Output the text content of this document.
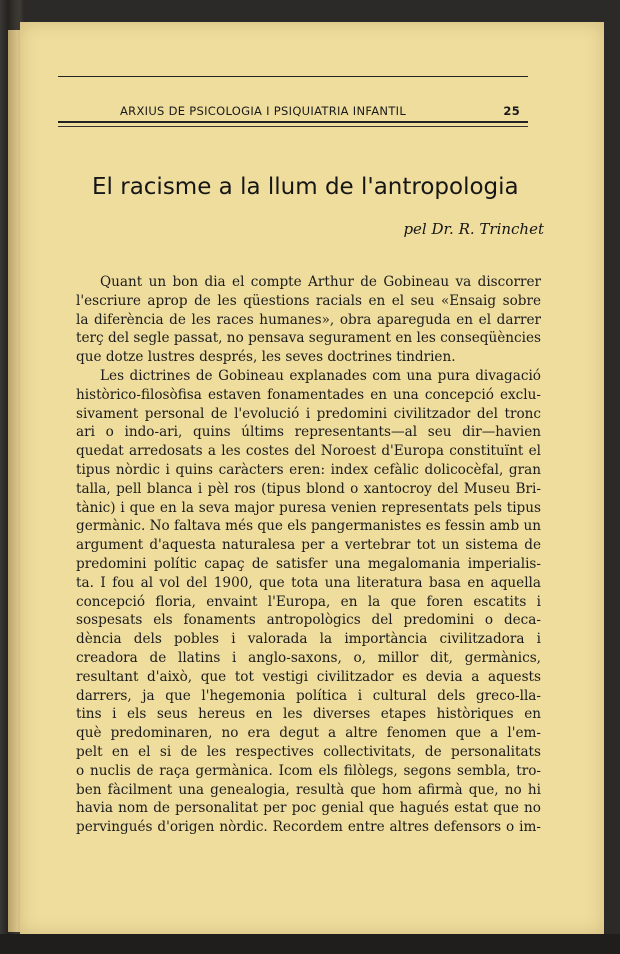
ARXIUS DE PSICOLOGIA I PSIQUIATRIA INFANTIL	25
El racisme a la llum de l'antropologia
pel Dr. R. Trinchet
Quant un bon dia el compte Arthur de Gobineau va discorrer
l'escriure aprop de les qüestions racials en el seu «Ensaig sobre
la diferència de les races humanes», obra apareguda en el darrer
terç del segle passat, no pensava segurament en les conseqüències
que dotze lustres després, les seves doctrines tindrien.
Les dictrines de Gobineau explanades com una pura divagació
històrico-filosòfisa estaven fonamentades en una concepció exclu-
sivament personal de l'evolució i predomini civilitzador del tronc
ari o indo-ari, quins últims representants—al seu dir—havien
quedat arredosats a les costes del Noroest d'Europa constituïnt el
tipus nòrdic i quins caràcters eren: index cefàlic dolicocèfal, gran
talla, pell blanca i pèl ros (tipus blond o xantocroy del Museu Bri-
tànic) i que en la seva major puresa venien representats pels tipus
germànic. No faltava més que els pangermanistes es fessin amb un
argument d'aquesta naturalesa per a vertebrar tot un sistema de
predomini polític capaç de satisfer una megalomania imperialis-
ta. I fou al vol del 1900, que tota una literatura basa en aquella
concepció floria, envaint l'Europa, en la que foren escatits i
sospesats els fonaments antropològics del predomini o deca-
dència dels pobles i valorada la importància civilitzadora i
creadora de llatins i anglo-saxons, o, millor dit, germànics,
resultant d'això, que tot vestigi civilitzador es devia a aquests
darrers, ja que l'hegemonia política i cultural dels greco-lla-
tins i els seus hereus en les diverses etapes històriques en
què predominaren, no era degut a altre fenomen que a l'em-
pelt en el si de les respectives collectivitats, de personalitats
o nuclis de raça germànica. Icom els filòlegs, segons sembla, tro-
ben fàcilment una genealogia, resultà que hom afirmà que, no hi
havia nom de personalitat per poc genial que hagués estat que no
pervingués d'origen nòrdic. Recordem entre altres defensors o im-
